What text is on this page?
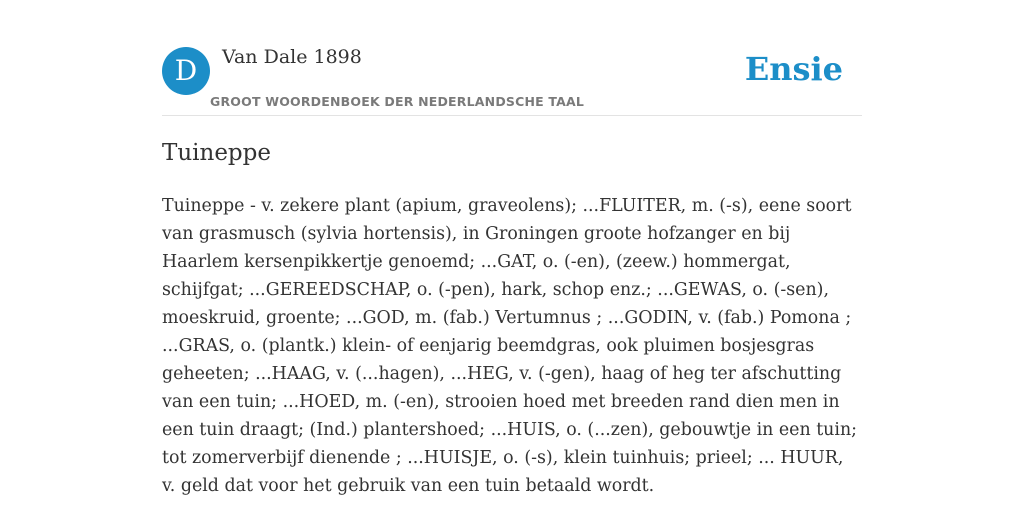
D	Van Dale 1898
GROOT WOORDENBOEK DER NEDERLANDSCHE TAAL
Ensie
Tuineppe

Tuineppe - v. zekere plant (apium, graveolens); ...FLUITER, m. (-s), eene soort van grasmusch (sylvia hortensis), in Groningen groote hofzanger en bij Haarlem kersenpikkertje genoemd; ...GAT, o. (-en), (zeew.) hommergat, schijfgat; ...GEREEDSCHAP, o. (-pen), hark, schop enz.; ...GEWAS, o. (-sen), moeskruid, groente; ...GOD, m. (fab.) Vertumnus ; ...GODIN, v. (fab.) Pomona ; ...GRAS, o. (plantk.) klein- of eenjarig beemdgras, ook pluimen bosjesgras geheeten; ...HAAG, v. (...hagen), ...HEG, v. (-gen), haag of heg ter afschutting van een tuin; ...HOED, m. (-en), strooien hoed met breeden rand dien men in een tuin draagt; (Ind.) plantershoed; ...HUIS, o. (...zen), gebouwtje in een tuin; tot zomerverbijf dienende ; ...HUISJE, o. (-s), klein tuinhuis; prieel; ... HUUR, v. geld dat voor het gebruik van een tuin betaald wordt.
